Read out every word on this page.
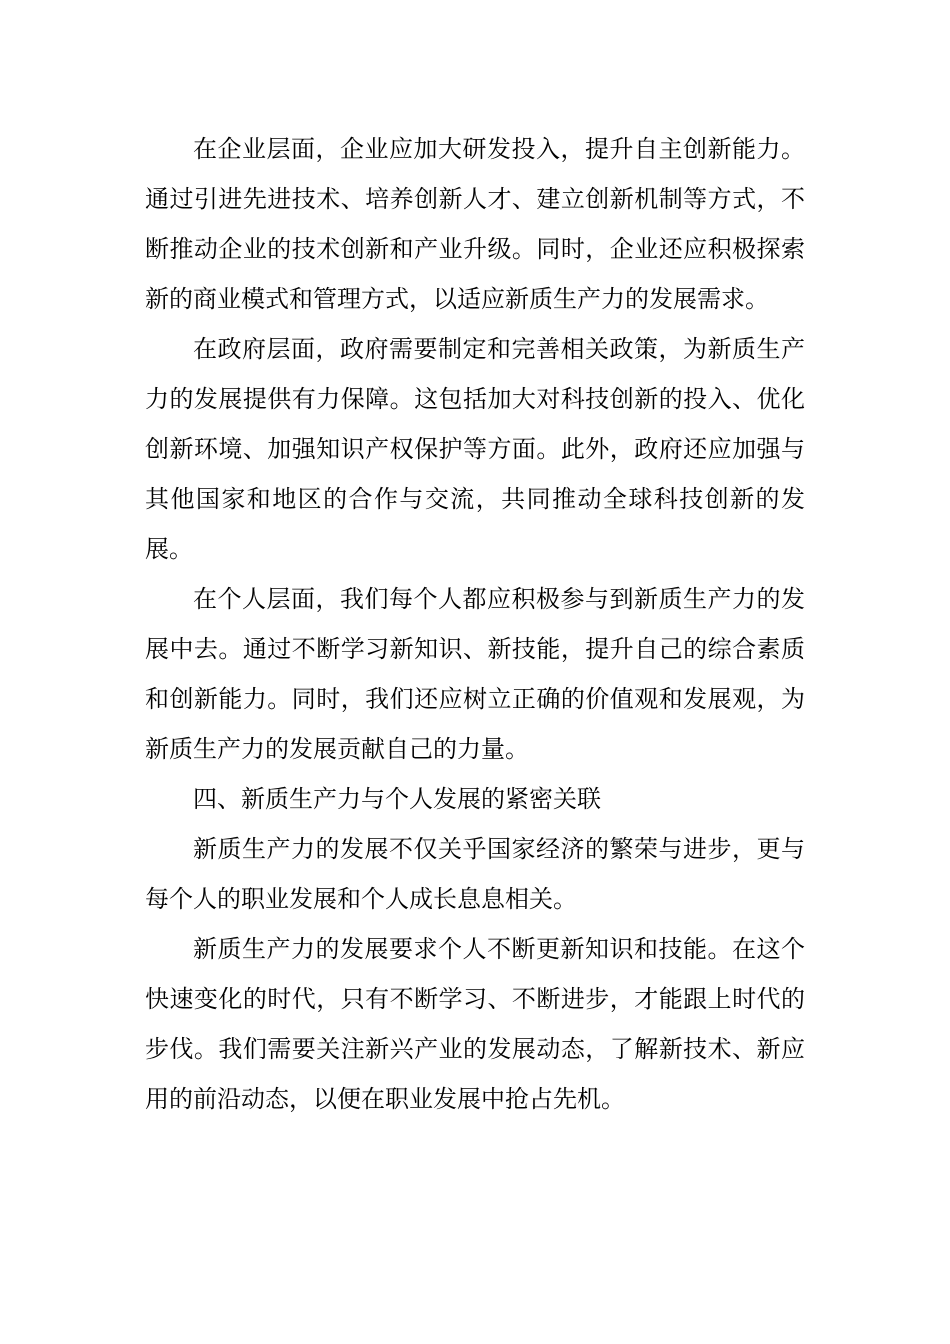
在企业层面，企业应加大研发投入，提升自主创新能力。通过引进先进技术、培养创新人才、建立创新机制等方式，不断推动企业的技术创新和产业升级。同时，企业还应积极探索新的商业模式和管理方式，以适应新质生产力的发展需求。

在政府层面，政府需要制定和完善相关政策，为新质生产力的发展提供有力保障。这包括加大对科技创新的投入、优化创新环境、加强知识产权保护等方面。此外，政府还应加强与其他国家和地区的合作与交流，共同推动全球科技创新的发展。

在个人层面，我们每个人都应积极参与到新质生产力的发展中去。通过不断学习新知识、新技能，提升自己的综合素质和创新能力。同时，我们还应树立正确的价值观和发展观，为新质生产力的发展贡献自己的力量。

四、新质生产力与个人发展的紧密关联

新质生产力的发展不仅关乎国家经济的繁荣与进步，更与每个人的职业发展和个人成长息息相关。

新质生产力的发展要求个人不断更新知识和技能。在这个快速变化的时代，只有不断学习、不断进步，才能跟上时代的步伐。我们需要关注新兴产业的发展动态，了解新技术、新应用的前沿动态，以便在职业发展中抢占先机。
